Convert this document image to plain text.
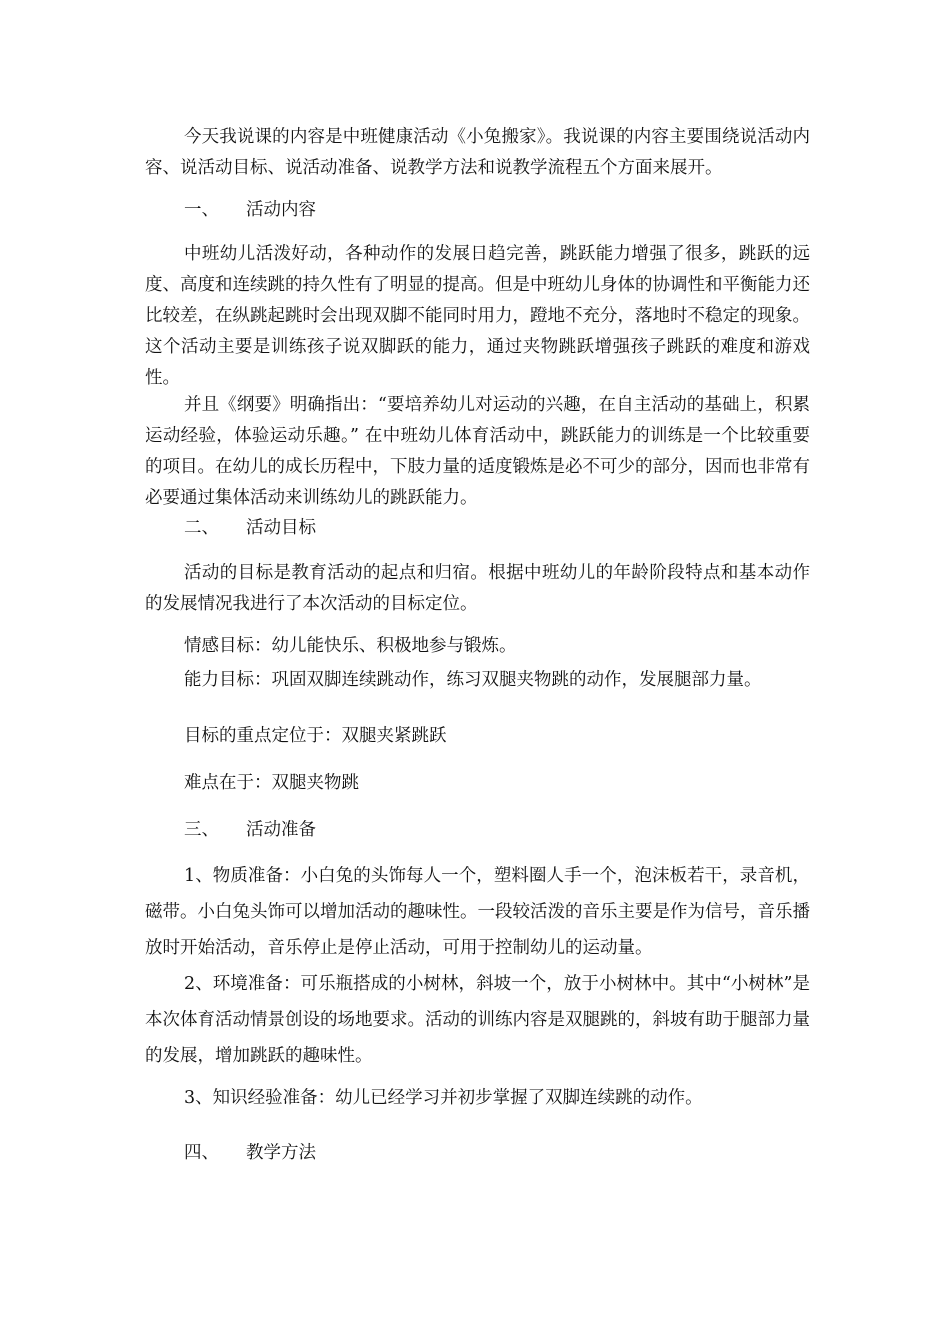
今天我说课的内容是中班健康活动《小兔搬家》。我说课的内容主要围绕说活动内容、说活动目标、说活动准备、说教学方法和说教学流程五个方面来展开。

一、 活动内容

中班幼儿活泼好动，各种动作的发展日趋完善，跳跃能力增强了很多，跳跃的远度、高度和连续跳的持久性有了明显的提高。但是中班幼儿身体的协调性和平衡能力还比较差，在纵跳起跳时会出现双脚不能同时用力，蹬地不充分，落地时不稳定的现象。这个活动主要是训练孩子说双脚跃的能力，通过夹物跳跃增强孩子跳跃的难度和游戏性。

并且《纲要》明确指出：“要培养幼儿对运动的兴趣，在自主活动的基础上，积累运动经验，体验运动乐趣。” 在中班幼儿体育活动中，跳跃能力的训练是一个比较重要的项目。在幼儿的成长历程中，下肢力量的适度锻炼是必不可少的部分，因而也非常有必要通过集体活动来训练幼儿的跳跃能力。

二、 活动目标

活动的目标是教育活动的起点和归宿。根据中班幼儿的年龄阶段特点和基本动作的发展情况我进行了本次活动的目标定位。

情感目标：幼儿能快乐、积极地参与锻炼。

能力目标：巩固双脚连续跳动作，练习双腿夹物跳的动作，发展腿部力量。

目标的重点定位于：双腿夹紧跳跃

难点在于：双腿夹物跳

三、 活动准备

1、物质准备：小白兔的头饰每人一个，塑料圈人手一个，泡沫板若干，录音机，磁带。小白兔头饰可以增加活动的趣味性。一段较活泼的音乐主要是作为信号，音乐播放时开始活动，音乐停止是停止活动，可用于控制幼儿的运动量。

2、环境准备：可乐瓶搭成的小树林，斜坡一个，放于小树林中。其中“小树林”是本次体育活动情景创设的场地要求。活动的训练内容是双腿跳的，斜坡有助于腿部力量的发展，增加跳跃的趣味性。

3、知识经验准备：幼儿已经学习并初步掌握了双脚连续跳的动作。

四、 教学方法
